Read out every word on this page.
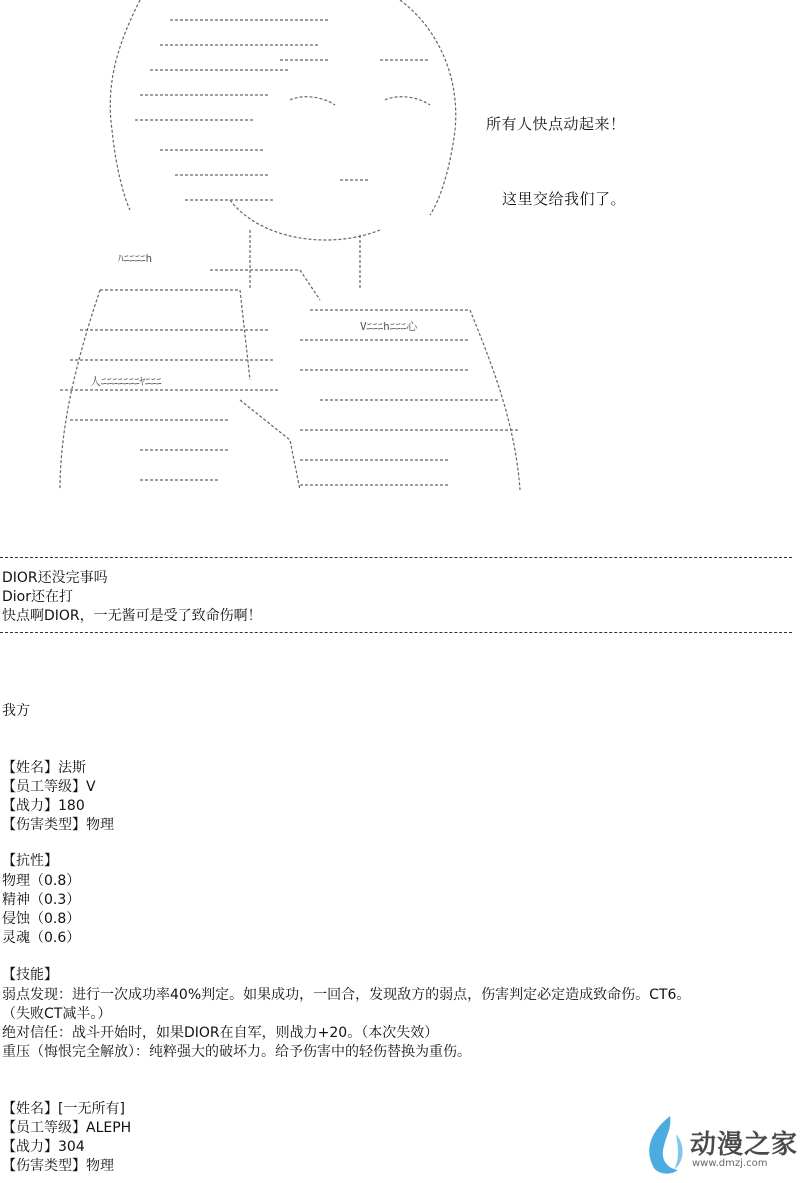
ﾊﾆﾆﾆﾆh
Vﾆﾆﾆhﾆﾆﾆ心
人ﾆﾆﾆﾆﾆﾆﾆﾔﾆﾆﾆ
所有人快点动起来！
这里交给我们了。
DIOR还没完事吗
Dior还在打
快点啊DIOR，一无酱可是受了致命伤啊！
我方
【姓名】法斯
【员工等级】V
【战力】180
【伤害类型】物理
【抗性】
物理（0.8）
精神（0.3）
侵蚀（0.8）
灵魂（0.6）
【技能】
弱点发现：进行一次成功率40%判定。如果成功，一回合，发现敌方的弱点，伤害判定必定造成致命伤。CT6。
（失败CT减半。）
绝对信任：战斗开始时，如果DIOR在自军，则战力+20。（本次失效）
重压（悔恨完全解放）：纯粹强大的破坏力。给予伤害中的轻伤替换为重伤。
【姓名】[一无所有]
【员工等级】ALEPH
【战力】304
【伤害类型】物理
动漫之家
www.dmzj.com
